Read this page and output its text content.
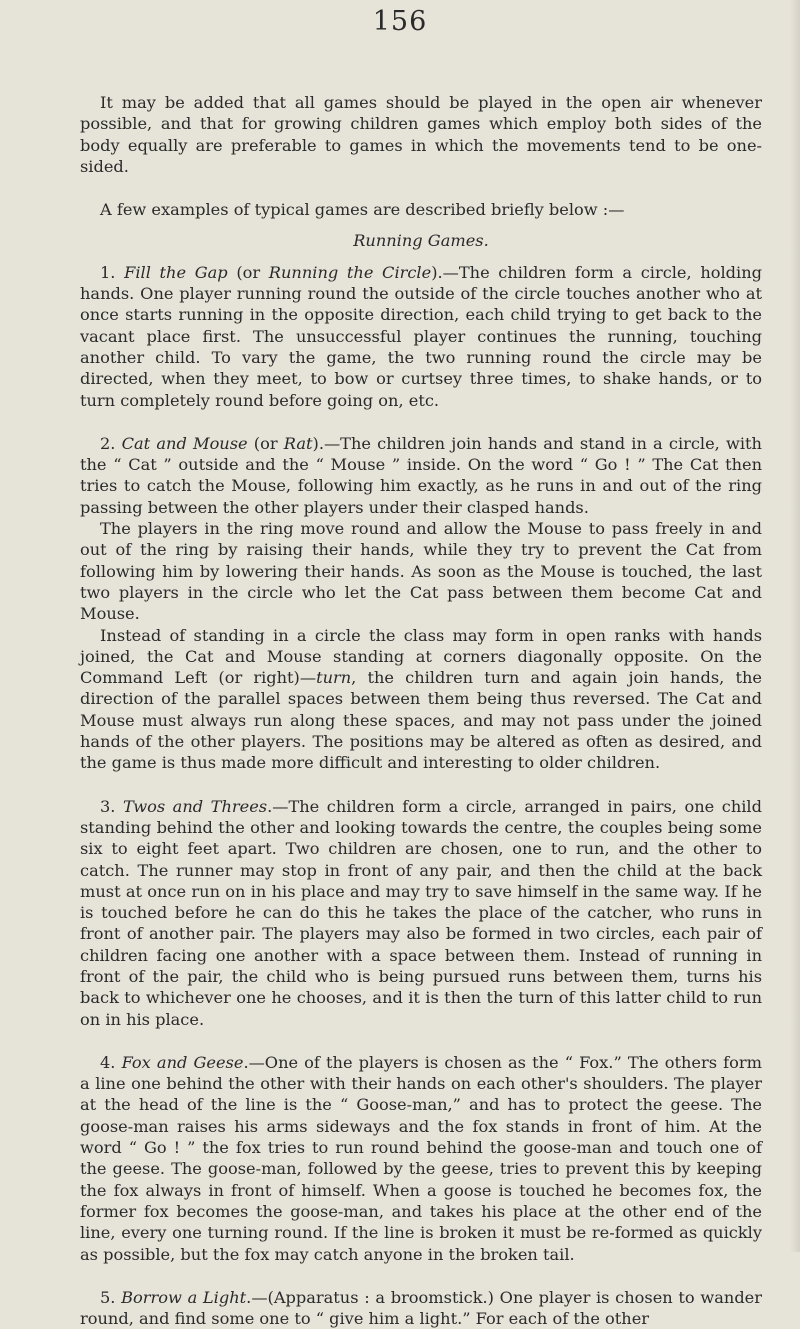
156

It may be added that all games should be played in the open air whenever possible, and that for growing children games which employ both sides of the body equally are preferable to games in which the movements tend to be one-sided.

A few examples of typical games are described briefly below :—

Running Games.

1. Fill the Gap (or Running the Circle).—The children form a circle, holding hands. One player running round the outside of the circle touches another who at once starts running in the opposite direction, each child trying to get back to the vacant place first. The unsuccessful player continues the running, touching another child. To vary the game, the two running round the circle may be directed, when they meet, to bow or curtsey three times, to shake hands, or to turn completely round before going on, etc.

2. Cat and Mouse (or Rat).—The children join hands and stand in a circle, with the “ Cat ” outside and the “ Mouse ” inside. On the word “ Go ! ” The Cat then tries to catch the Mouse, following him exactly, as he runs in and out of the ring passing between the other players under their clasped hands.

The players in the ring move round and allow the Mouse to pass freely in and out of the ring by raising their hands, while they try to prevent the Cat from following him by lowering their hands. As soon as the Mouse is touched, the last two players in the circle who let the Cat pass between them become Cat and Mouse.

Instead of standing in a circle the class may form in open ranks with hands joined, the Cat and Mouse standing at corners diagonally opposite. On the Command Left (or right)—turn, the children turn and again join hands, the direction of the parallel spaces between them being thus reversed. The Cat and Mouse must always run along these spaces, and may not pass under the joined hands of the other players. The positions may be altered as often as desired, and the game is thus made more difficult and interesting to older children.

3. Twos and Threes.—The children form a circle, arranged in pairs, one child standing behind the other and looking towards the centre, the couples being some six to eight feet apart. Two children are chosen, one to run, and the other to catch. The runner may stop in front of any pair, and then the child at the back must at once run on in his place and may try to save himself in the same way. If he is touched before he can do this he takes the place of the catcher, who runs in front of another pair. The players may also be formed in two circles, each pair of children facing one another with a space between them. Instead of running in front of the pair, the child who is being pursued runs between them, turns his back to whichever one he chooses, and it is then the turn of this latter child to run on in his place.

4. Fox and Geese.—One of the players is chosen as the “ Fox.” The others form a line one behind the other with their hands on each other's shoulders. The player at the head of the line is the “ Goose-man,” and has to protect the geese. The goose-man raises his arms sideways and the fox stands in front of him. At the word “ Go ! ” the fox tries to run round behind the goose-man and touch one of the geese. The goose-man, followed by the geese, tries to prevent this by keeping the fox always in front of himself. When a goose is touched he becomes fox, the former fox becomes the goose-man, and takes his place at the other end of the line, every one turning round. If the line is broken it must be re-formed as quickly as possible, but the fox may catch anyone in the broken tail.

5. Borrow a Light.—(Apparatus : a broomstick.) One player is chosen to wander round, and find some one to “ give him a light.” For each of the other
